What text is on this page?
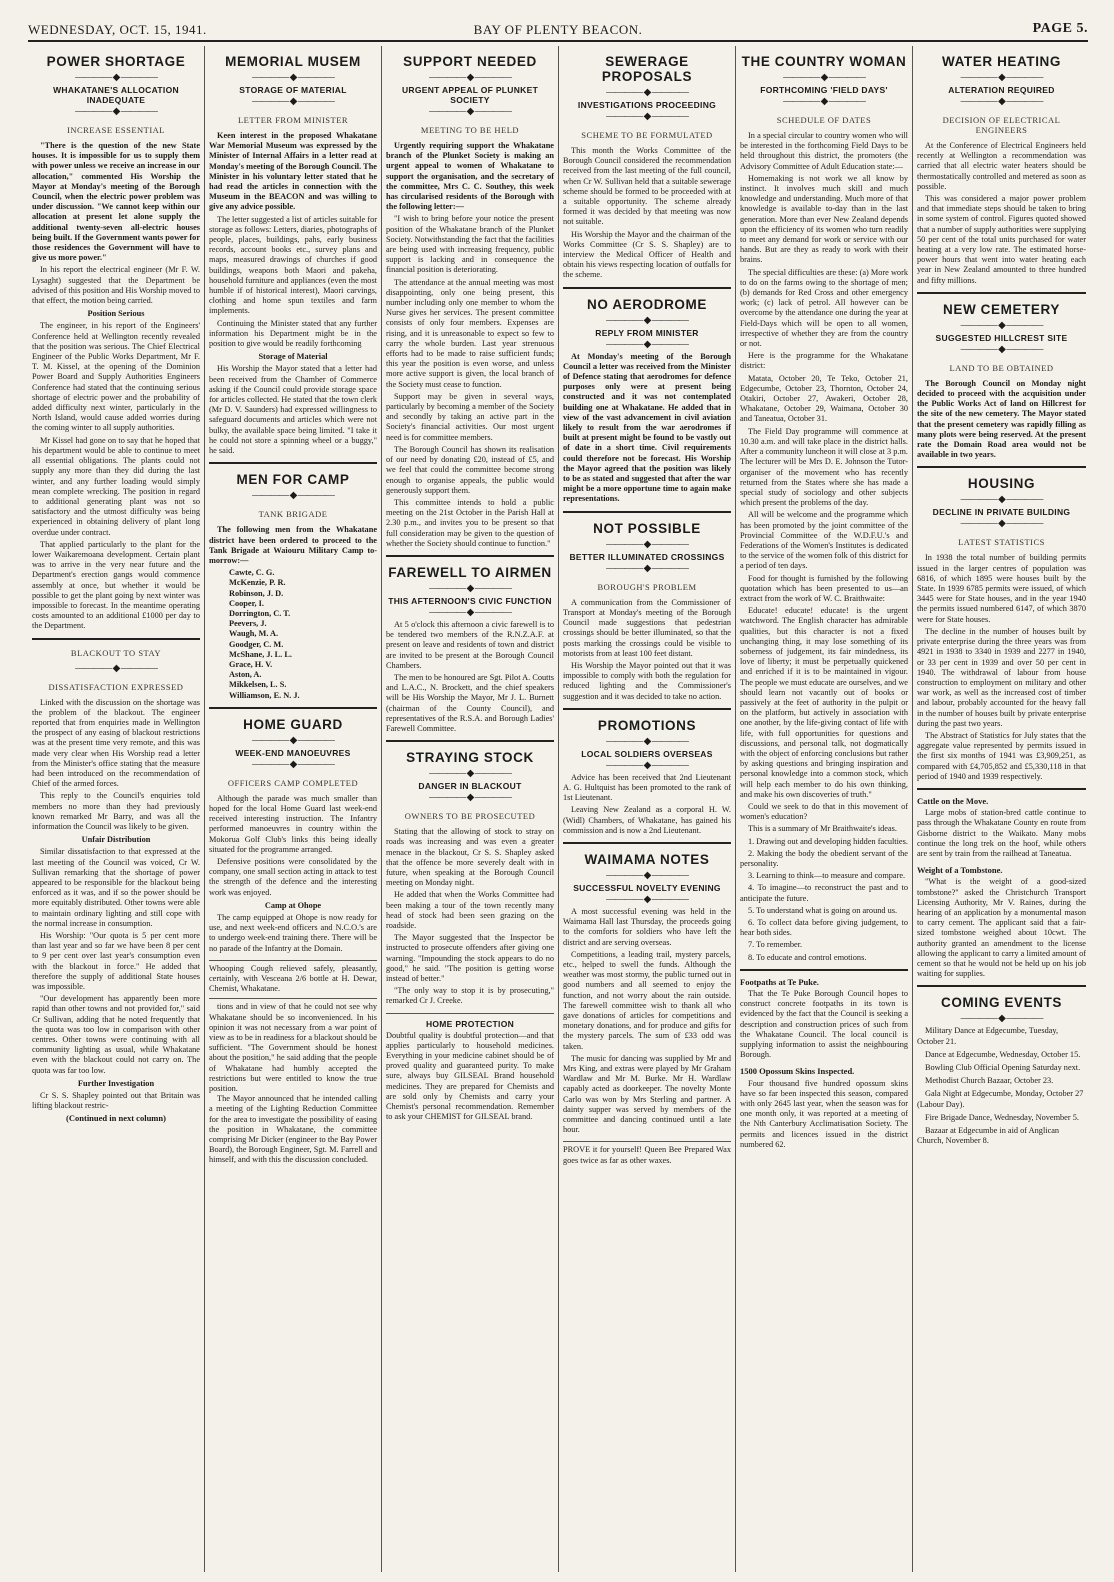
WEDNESDAY, OCT. 15, 1941.	BAY OF PLENTY BEACON.	PAGE 5.
POWER SHORTAGE
———— ◆ ————
WHAKATANE'S ALLOCATION INADEQUATE
———— ◆ ————
INCREASE ESSENTIAL

"There is the question of the new State houses. It is impossible for us to supply them with power unless we receive an increase in our allocation," commented His Worship the Mayor at Monday's meeting of the Borough Council, when the electric power problem was under discussion. "We cannot keep within our allocation at present let alone supply the additional twenty-seven all-electric houses being built. If the Government wants power for those residences the Government will have to give us more power."

In his report the electrical engineer (Mr F. W. Lysaght) suggested that the Department be advised of this position and His Worship moved to that effect, the motion being carried.

Position Serious

The engineer, in his report of the Engineers' Conference held at Wellington recently revealed that the position was serious. The Chief Electrical Engineer of the Public Works Department, Mr F. T. M. Kissel, at the opening of the Dominion Power Board and Supply Authorities Engineers Conference had stated that the continuing serious shortage of electric power and the probability of added difficulty next winter, particularly in the North Island, would cause added worries during the coming winter to all supply authorities.

Mr Kissel had gone on to say that he hoped that his department would be able to continue to meet all essential obligations. The plants could not supply any more than they did during the last winter, and any further loading would simply mean complete wrecking. The position in regard to additional generating plant was not so satisfactory and the utmost difficulty was being experienced in obtaining delivery of plant long overdue under contract.

That applied particularly to the plant for the lower Waikaremoana development. Certain plant was to arrive in the very near future and the Department's erection gangs would commence assembly at once, but whether it would be possible to get the plant going by next winter was impossible to forecast. In the meantime operating costs amounted to an additional £1000 per day to the Department.

BLACKOUT TO STAY
———— ◆ ————
DISSATISFACTION EXPRESSED

Linked with the discussion on the shortage was the problem of the blackout. The engineer reported that from enquiries made in Wellington the prospect of any easing of blackout restrictions was at the present time very remote, and this was made very clear when His Worship read a letter from the Minister's office stating that the measure had been introduced on the recommendation of Chief of the armed forces.

This reply to the Council's enquiries told members no more than they had previously known remarked Mr Barry, and was all the information the Council was likely to be given.

Unfair Distribution

Similar dissatisfaction to that expressed at the last meeting of the Council was voiced, Cr W. Sullivan remarking that the shortage of power appeared to be responsible for the blackout being enforced as it was, and if so the power should be more equitably distributed. Other towns were able to maintain ordinary lighting and still cope with the normal increase in consumption.

His Worship: "Our quota is 5 per cent more than last year and so far we have been 8 per cent to 9 per cent over last year's consumption even with the blackout in force." He added that therefore the supply of additional State houses was impossible.

"Our development has apparently been more rapid than other towns and not provided for," said Cr Sullivan, adding that he noted frequently that the quota was too low in comparison with other centres. Other towns were continuing with all community lighting as usual, while Whakatane even with the blackout could not carry on. The quota was far too low.

Further Investigation

Cr S. S. Shapley pointed out that Britain was lifting blackout restric-

(Continued in next column)
MEMORIAL MUSEM
———— ◆ ————
STORAGE OF MATERIAL
———— ◆ ————
LETTER FROM MINISTER

Keen interest in the proposed Whakatane War Memorial Museum was expressed by the Minister of Internal Affairs in a letter read at Monday's meeting of the Borough Council. The Minister in his voluntary letter stated that he had read the articles in connection with the Museum in the BEACON and was willing to give any advice possible.

The letter suggested a list of articles suitable for storage as follows: Letters, diaries, photographs of people, places, buildings, pahs, early business records, account books etc., survey plans and maps, measured drawings of churches if good buildings, weapons both Maori and pakeha, household furniture and appliances (even the most humble if of historical interest), Maori carvings, clothing and home spun textiles and farm implements.

Continuing the Minister stated that any further information his Department might be in the position to give would be readily forthcoming

Storage of Material

His Worship the Mayor stated that a letter had been received from the Chamber of Commerce asking if the Council could provide storage space for articles collected. He stated that the town clerk (Mr D. V. Saunders) had expressed willingness to safeguard documents and articles which were not bulky, the available space being limited. "I take it he could not store a spinning wheel or a buggy," he said.

MEN FOR CAMP
———— ◆ ————
TANK BRIGADE

The following men from the Whakatane district have been ordered to proceed to the Tank Brigade at Waiouru Military Camp to-morrow:—

Cawte, C. G.
McKenzie, P. R.
Robinson, J. D.
Cooper, I.
Dorrington, C. T.
Peevers, J.
Waugh, M. A.
Goodger, C. M.
McShane, J. L. L.
Grace, H. V.
Aston, A.
Mikkelsen, L. S.
Williamson, E. N. J.
HOME GUARD
———— ◆ ————
WEEK-END MANOEUVRES
———— ◆ ————
OFFICERS CAMP COMPLETED

Although the parade was much smaller than hoped for the local Home Guard last week-end received interesting instruction. The Infantry performed manoeuvres in country within the Mokorua Golf Club's links this being ideally situated for the programme arranged.

Defensive positions were consolidated by the company, one small section acting in attack to test the strength of the defence and the interesting work was enjoyed.

Camp at Ohope

The camp equipped at Ohope is now ready for use, and next week-end officers and N.C.O.'s are to undergo week-end training there. There will be no parade of the Infantry at the Domain.

Whooping Cough relieved safely, pleasantly, certainly, with Vesceana 2/6 bottle at H. Dewar, Chemist, Whakatane.

tions and in view of that he could not see why Whakatane should be so inconvenienced. In his opinion it was not necessary from a war point of view as to be in readiness for a blackout should be sufficient. "The Government should be honest about the position," he said adding that the people of Whakatane had humbly accepted the restrictions but were entitled to know the true position.

The Mayor announced that he intended calling a meeting of the Lighting Reduction Committee for the area to investigate the possibility of easing the position in Whakatane, the committee comprising Mr Dicker (engineer to the Bay Power Board), the Borough Engineer, Sgt. M. Farrell and himself, and with this the discussion concluded.

SUPPORT NEEDED
———— ◆ ————
URGENT APPEAL OF PLUNKET SOCIETY
———— ◆ ————
MEETING TO BE HELD

Urgently requiring support the Whakatane branch of the Plunket Society is making an urgent appeal to women of Whakatane to support the organisation, and the secretary of the committee, Mrs C. C. Southey, this week has circularised residents of the Borough with the following letter:—

"I wish to bring before your notice the present position of the Whakatane branch of the Plunket Society. Notwithstanding the fact that the facilities are being used with increasing frequency, public support is lacking and in consequence the financial position is deteriorating.

The attendance at the annual meeting was most disappointing, only one being present, this number including only one member to whom the Nurse gives her services. The present committee consists of only four members. Expenses are rising, and it is unreasonable to expect so few to carry the whole burden. Last year strenuous efforts had to be made to raise sufficient funds; this year the position is even worse, and unless more active support is given, the local branch of the Society must cease to function.

Support may be given in several ways, particularly by becoming a member of the Society and secondly by taking an active part in the Society's financial activities. Our most urgent need is for committee members.

The Borough Council has shown its realisation of our need by donating £20, instead of £5, and we feel that could the committee become strong enough to organise appeals, the public would generously support them.

This committee intends to hold a public meeting on the 21st October in the Parish Hall at 2.30 p.m., and invites you to be present so that full consideration may be given to the question of whether the Society should continue to function."

FAREWELL TO AIRMEN
———— ◆ ————
THIS AFTERNOON'S CIVIC FUNCTION
———— ◆ ————

At 5 o'clock this afternoon a civic farewell is to be tendered two members of the R.N.Z.A.F. at present on leave and residents of town and district are invited to be present at the Borough Council Chambers.

The men to be honoured are Sgt. Pilot A. Coutts and L.A.C., N. Brockett, and the chief speakers will be His Worship the Mayor, Mr J. L. Burnett (chairman of the County Council), and representatives of the R.S.A. and Borough Ladies' Farewell Committee.

STRAYING STOCK
———— ◆ ————
DANGER IN BLACKOUT
———— ◆ ————
OWNERS TO BE PROSECUTED

Stating that the allowing of stock to stray on roads was increasing and was even a greater menace in the blackout, Cr S. S. Shapley asked that the offence be more severely dealt with in future, when speaking at the Borough Council meeting on Monday night.

He added that when the Works Committee had been making a tour of the town recently many head of stock had been seen grazing on the roadside.

The Mayor suggested that the Inspector be instructed to prosecute offenders after giving one warning. "Impounding the stock appears to do no good," he said. "The position is getting worse instead of better."

"The only way to stop it is by prosecuting," remarked Cr J. Creeke.

HOME PROTECTION

Doubtful quality is doubtful protection—and that applies particularly to household medicines. Everything in your medicine cabinet should be of proved quality and guaranteed purity. To make sure, always buy GILSEAL Brand household medicines. They are prepared for Chemists and are sold only by Chemists and carry your Chemist's personal recommendation. Remember to ask your CHEMIST for GILSEAL brand.

SEWERAGE PROPOSALS
———— ◆ ————
INVESTIGATIONS PROCEEDING
———— ◆ ————
SCHEME TO BE FORMULATED

This month the Works Committee of the Borough Council considered the recommendation received from the last meeting of the full council, when Cr W. Sullivan held that a suitable sewerage scheme should be formed to be proceeded with at a suitable opportunity. The scheme already formed it was decided by that meeting was now not suitable.

His Worship the Mayor and the chairman of the Works Committee (Cr S. S. Shapley) are to interview the Medical Officer of Health and obtain his views respecting location of outfalls for the scheme.

NO AERODROME
———— ◆ ————
REPLY FROM MINISTER
———— ◆ ————

At Monday's meeting of the Borough Council a letter was received from the Minister of Defence stating that aerodromes for defence purposes only were at present being constructed and it was not contemplated building one at Whakatane. He added that in view of the vast advancement in civil aviation likely to result from the war aerodromes if built at present might be found to be vastly out of date in a short time. Civil requirements could therefore not be forecast. His Worship the Mayor agreed that the position was likely to be as stated and suggested that after the war might be a more opportune time to again make representations.

NOT POSSIBLE
———— ◆ ————
BETTER ILLUMINATED CROSSINGS
———— ◆ ————
BOROUGH'S PROBLEM

A communication from the Commissioner of Transport at Monday's meeting of the Borough Council made suggestions that pedestrian crossings should be better illuminated, so that the posts marking the crossings could be visible to motorists from at least 100 feet distant.

His Worship the Mayor pointed out that it was impossible to comply with both the regulation for reduced lighting and the Commissioner's suggestion and it was decided to take no action.

PROMOTIONS
———— ◆ ————
LOCAL SOLDIERS OVERSEAS
———— ◆ ————

Advice has been received that 2nd Lieutenant A. G. Hultquist has been promoted to the rank of 1st Lieutenant.

Leaving New Zealand as a corporal H. W. (Widl) Chambers, of Whakatane, has gained his commission and is now a 2nd Lieutenant.

WAIMAMA NOTES
———— ◆ ————
SUCCESSFUL NOVELTY EVENING
———— ◆ ————

A most successful evening was held in the Waimama Hall last Thursday, the proceeds going to the comforts for soldiers who have left the district and are serving overseas.

Competitions, a leading trail, mystery parcels, etc., helped to swell the funds. Although the weather was most stormy, the public turned out in good numbers and all seemed to enjoy the function, and not worry about the rain outside. The farewell committee wish to thank all who gave donations of articles for competitions and monetary donations, and for produce and gifts for the mystery parcels. The sum of £33 odd was taken.

The music for dancing was supplied by Mr and Mrs King, and extras were played by Mr Graham Wardlaw and Mr M. Burke. Mr H. Wardlaw capably acted as doorkeeper. The novelty Monte Carlo was won by Mrs Sterling and partner. A dainty supper was served by members of the committee and dancing continued until a late hour.

PROVE it for yourself! Queen Bee Prepared Wax goes twice as far as other waxes.

THE COUNTRY WOMAN
———— ◆ ————
FORTHCOMING 'FIELD DAYS'
———— ◆ ————
SCHEDULE OF DATES

In a special circular to country women who will be interested in the forthcoming Field Days to be held throughout this district, the promoters (the Advisory Committee of Adult Education state:—

Homemaking is not work we all know by instinct. It involves much skill and much knowledge and understanding. Much more of that knowledge is available to-day than in the last generation. More than ever New Zealand depends upon the efficiency of its women who turn readily to meet any demand for work or service with our hands. But are they as ready to work with their brains.

The special difficulties are these: (a) More work to do on the farms owing to the shortage of men; (b) demands for Red Cross and other emergency work; (c) lack of petrol. All however can be overcome by the attendance one during the year at Field-Days which will be open to all women, irrespective of whether they are from the country or not.

Here is the programme for the Whakatane district:

Matata, October 20, Te Teko, October 21, Edgecumbe, October 23, Thornton, October 24, Otakiri, October 27, Awakeri, October 28, Whakatane, October 29, Waimana, October 30 and Taneatua, October 31.

The Field Day programme will commence at 10.30 a.m. and will take place in the district halls. After a community luncheon it will close at 3 p.m. The lecturer will be Mrs D. E. Johnson the Tutor-organiser of the movement who has recently returned from the States where she has made a special study of sociology and other subjects which present the problems of the day.

All will be welcome and the programme which has been promoted by the joint committee of the Provincial Committee of the W.D.F.U.'s and Federations of the Women's Institutes is dedicated to the service of the women folk of this district for a period of ten days.

Food for thought is furnished by the following quotation which has been presented to us—an extract from the work of W. C. Braithwaite:

Educate! educate! educate! is the urgent watchword. The English character has admirable qualities, but this character is not a fixed unchanging thing, it may lose something of its soberness of judgement, its fair mindedness, its love of liberty; it must be perpetually quickened and enriched if it is to be maintained in vigour. The people we must educate are ourselves, and we should learn not vacantly out of books or passively at the feet of authority in the pulpit or on the platform, but actively in association with one another, by the life-giving contact of life with life, with full opportunities for questions and discussions, and personal talk, not dogmatically with the object of enforcing conclusions but rather by asking questions and bringing inspiration and personal knowledge into a common stock, which will help each member to do his own thinking, and make his own discoveries of truth."

Could we seek to do that in this movement of women's education?

This is a summary of Mr Braithwaite's ideas.

1. Drawing out and developing hidden faculties.

2. Making the body the obedient servant of the personality.

3. Learning to think—to measure and compare.

4. To imagine—to reconstruct the past and to anticipate the future.

5. To understand what is going on around us.

6. To collect data before giving judgement, to hear both sides.

7. To remember.

8. To educate and control emotions.

Footpaths at Te Puke.

That the Te Puke Borough Council hopes to construct concrete footpaths in its town is evidenced by the fact that the Council is seeking a description and construction prices of such from the Whakatane Council. The local council is supplying information to assist the neighbouring Borough.

1500 Opossum Skins Inspected.

Four thousand five hundred opossum skins have so far been inspected this season, compared with only 2645 last year, when the season was for one month only, it was reported at a meeting of the Nth Canterbury Acclimatisation Society. The permits and licences issued in the district numbered 62.

WATER HEATING
———— ◆ ————
ALTERATION REQUIRED
———— ◆ ————
DECISION OF ELECTRICAL ENGINEERS

At the Conference of Electrical Engineers held recently at Wellington a recommendation was carried that all electric water heaters should be thermostatically controlled and metered as soon as possible.

This was considered a major power problem and that immediate steps should be taken to bring in some system of control. Figures quoted showed that a number of supply authorities were supplying 50 per cent of the total units purchased for water heating at a very low rate. The estimated horse-power hours that went into water heating each year in New Zealand amounted to three hundred and fifty millions.

NEW CEMETERY
———— ◆ ————
SUGGESTED HILLCREST SITE
———— ◆ ————
LAND TO BE OBTAINED

The Borough Council on Monday night decided to proceed with the acquisition under the Public Works Act of land on Hillcrest for the site of the new cemetery. The Mayor stated that the present cemetery was rapidly filling as many plots were being reserved. At the present rate the Domain Road area would not be available in two years.

HOUSING
———— ◆ ————
DECLINE IN PRIVATE BUILDING
———— ◆ ————
LATEST STATISTICS

In 1938 the total number of building permits issued in the larger centres of population was 6816, of which 1895 were houses built by the State. In 1939 6785 permits were issued, of which 3445 were for State houses, and in the year 1940 the permits issued numbered 6147, of which 3870 were for State houses.

The decline in the number of houses built by private enterprise during the three years was from 4921 in 1938 to 3340 in 1939 and 2277 in 1940, or 33 per cent in 1939 and over 50 per cent in 1940. The withdrawal of labour from house construction to employment on military and other war work, as well as the increased cost of timber and labour, probably accounted for the heavy fall in the number of houses built by private enterprise during the past two years.

The Abstract of Statistics for July states that the aggregate value represented by permits issued in the first six months of 1941 was £3,909,251, as compared with £4,705,852 and £5,330,118 in that period of 1940 and 1939 respectively.

Cattle on the Move.

Large mobs of station-bred cattle continue to pass through the Whakatane County en route from Gisborne district to the Waikato. Many mobs continue the long trek on the hoof, while others are sent by train from the railhead at Taneatua.

Weight of a Tombstone.

"What is the weight of a good-sized tombstone?" asked the Christchurch Transport Licensing Authority, Mr V. Raines, during the hearing of an application by a monumental mason to carry cement. The applicant said that a fair-sized tombstone weighed about 10cwt. The authority granted an amendment to the license allowing the applicant to carry a limited amount of cement so that he would not be held up on his job waiting for supplies.

COMING EVENTS
———— ◆ ————

Military Dance at Edgecumbe, Tuesday, October 21.

Dance at Edgecumbe, Wednesday, October 15.

Bowling Club Official Opening Saturday next.

Methodist Church Bazaar, October 23.

Gala Night at Edgecumbe, Monday, October 27 (Labour Day).

Fire Brigade Dance, Wednesday, November 5.

Bazaar at Edgecumbe in aid of Anglican Church, November 8.
